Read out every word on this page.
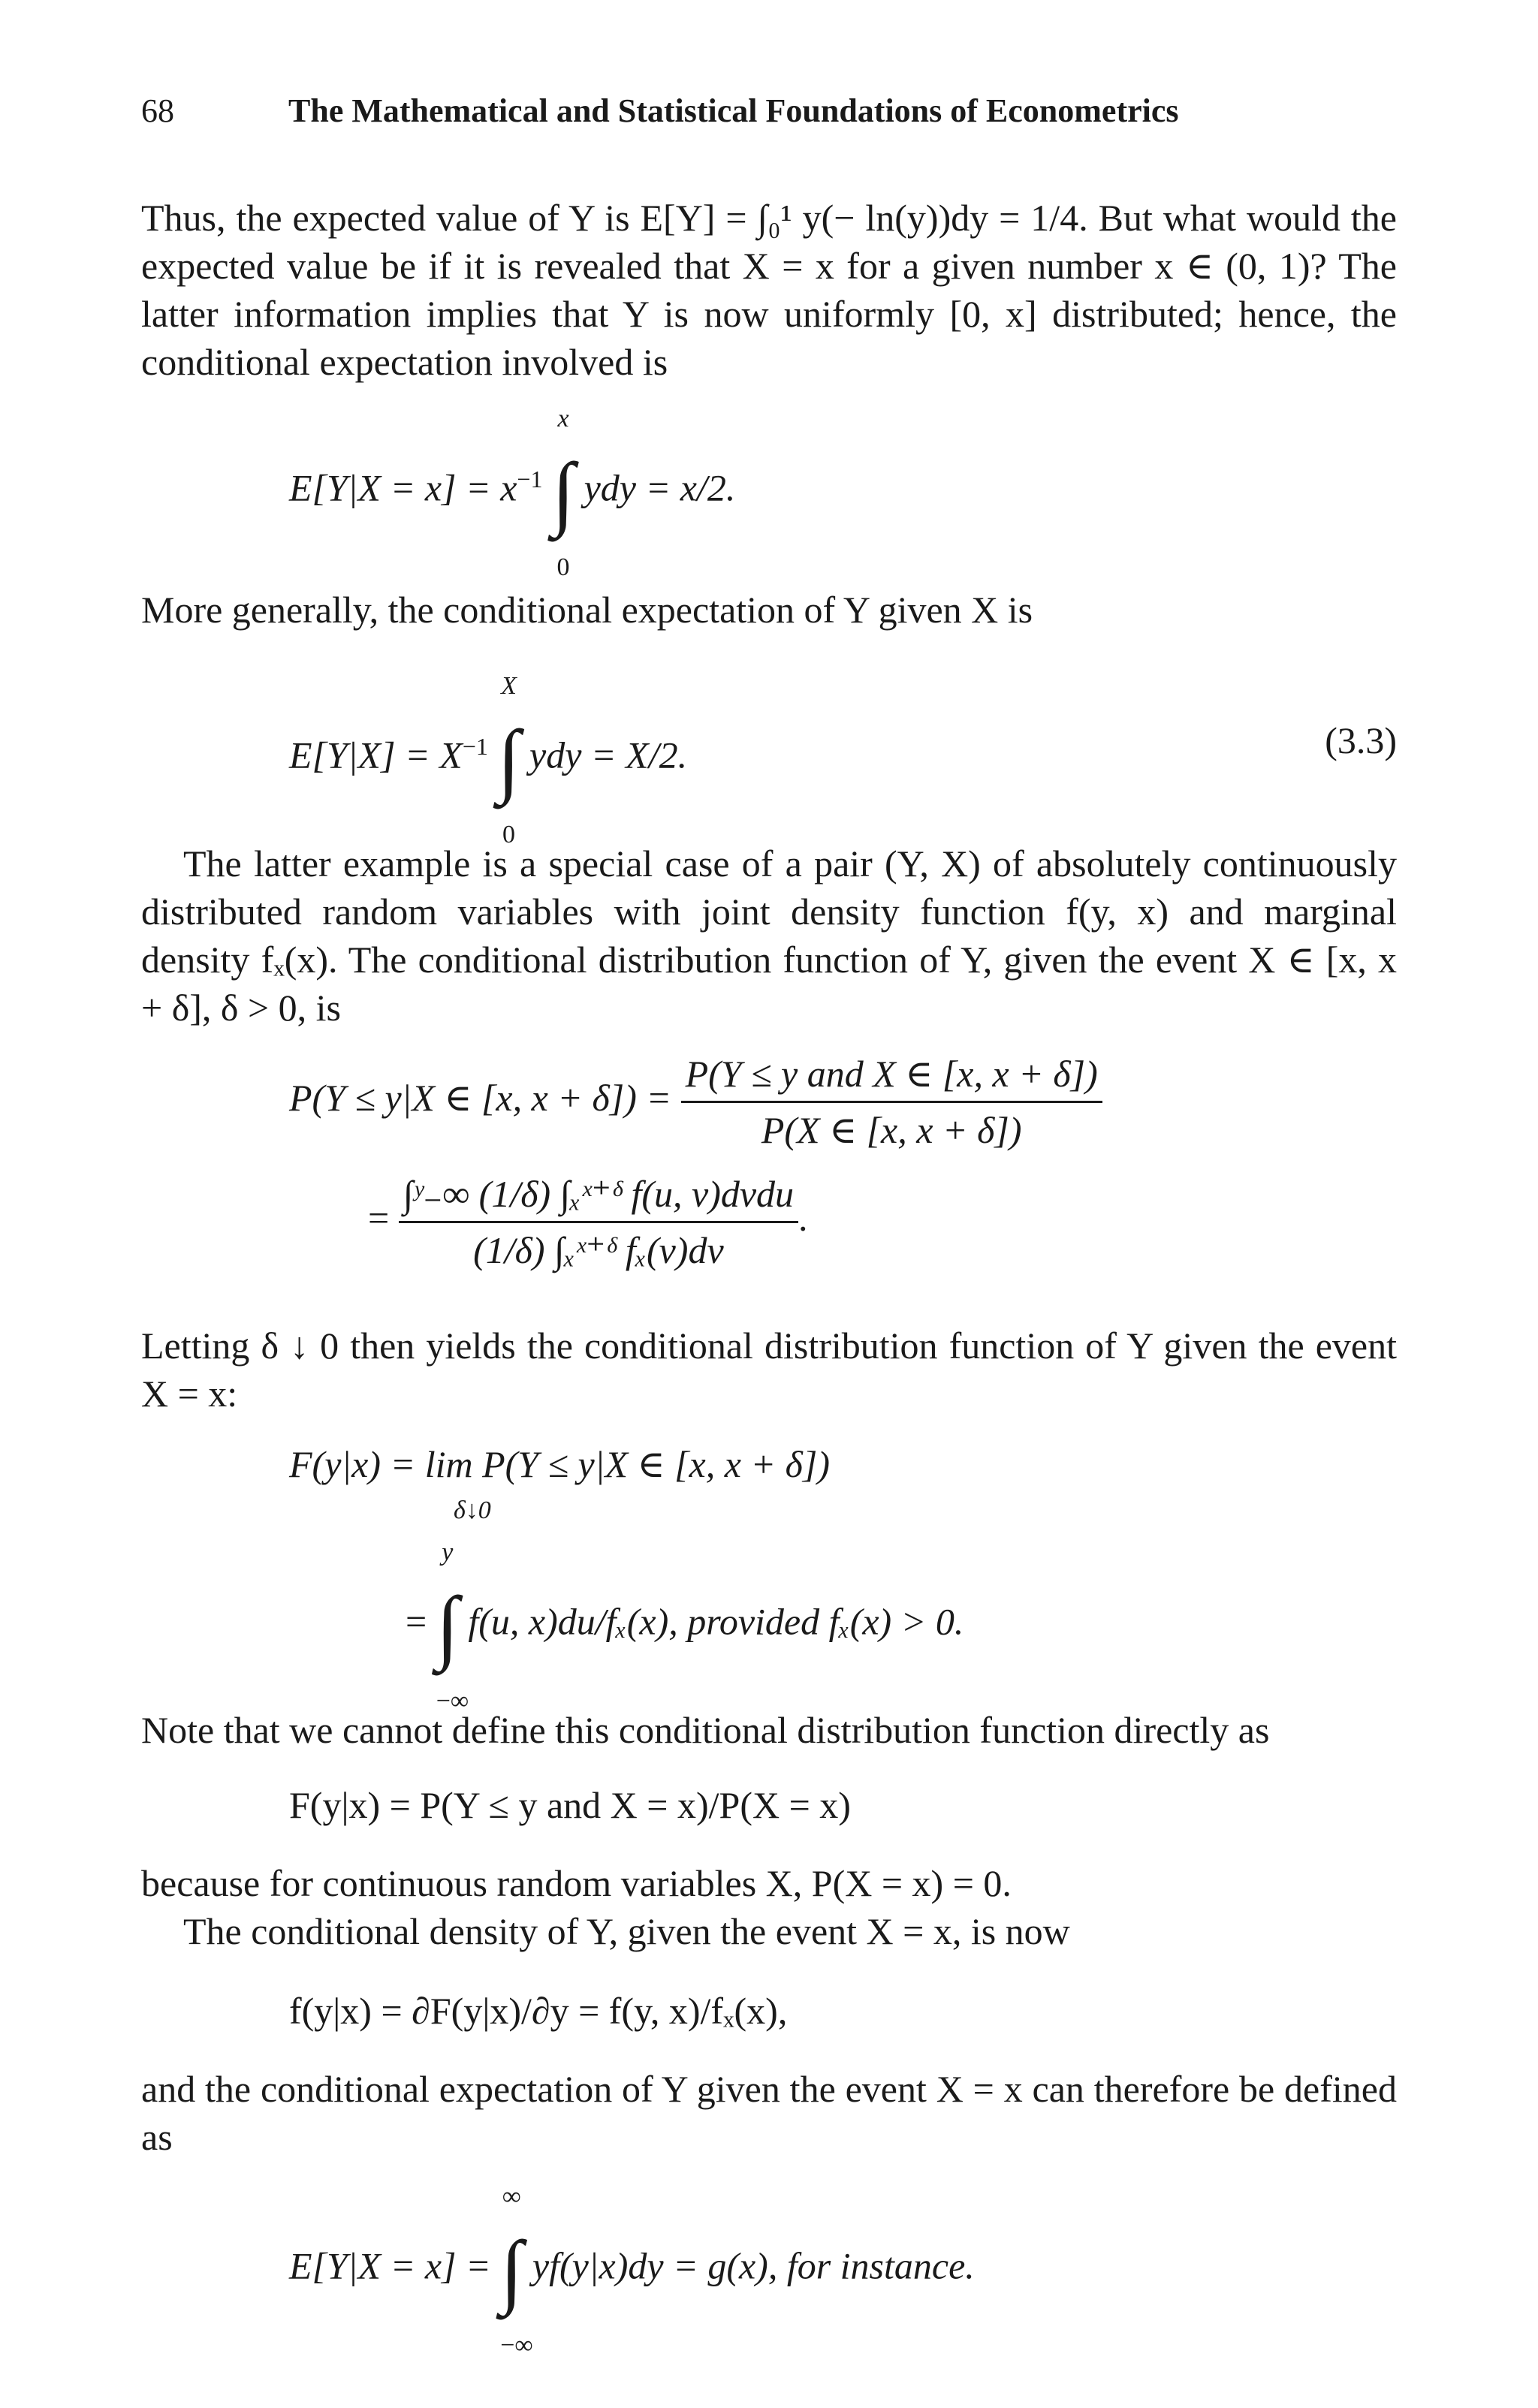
68	The Mathematical and Statistical Foundations of Econometrics

Thus, the expected value of Y is E[Y] = ∫₀¹ y(− ln(y))dy = 1/4. But what would the expected value be if it is revealed that X = x for a given number x ∈ (0, 1)? The latter information implies that Y is now uniformly [0, x] distributed; hence, the conditional expectation involved is

$E[Y|X = x] = x^{-1}$
x
∫
0
ydy = x/2.

More generally, the conditional expectation of Y given X is

$E[Y|X] = X^{-1}$
X
∫
0
ydy = X/2.	(3.3)

The latter example is a special case of a pair (Y, X) of absolutely continuously distributed random variables with joint density function f(y, x) and marginal density fₓ(x). The conditional distribution function of Y, given the event X ∈ [x, x + δ], δ > 0, is

P(Y ≤ y|X ∈ [x, $x + \delta]) = \frac{\text{P(Y ≤ y and X ∈ [x, x + δ])}}{P(X \in [x, x + \delta])}$
= $\frac{\text{∫ʸ₋∞ (1/δ) ∫ₓˣ⁺ᵟ f(u, v)dvdu}}{\text{(1/δ) ∫ₓˣ⁺ᵟ fₓ(v)dv}}$ .

Letting δ ↓ 0 then yields the conditional distribution function of Y given the event X = x:

F(y|x) = lim P(Y ≤ y|X ∈ [x, x + δ])
δ↓0
=
y
∫
−∞
f(u, x)du/fₓ(x), provided fₓ(x) > 0.

Note that we cannot define this conditional distribution function directly as

F(y|x) = P(Y ≤ y and X = x)/P(X = x)

because for continuous random variables X, P(X = x) = 0.

The conditional density of Y, given the event X = x, is now

f(y|x) = ∂F(y|x)/∂y = f(y, x)/fₓ(x),

and the conditional expectation of Y given the event X = x can therefore be defined as

E[Y|X = x] =
∞
∫
−∞
yf(y|x)dy = g(x), for instance.
